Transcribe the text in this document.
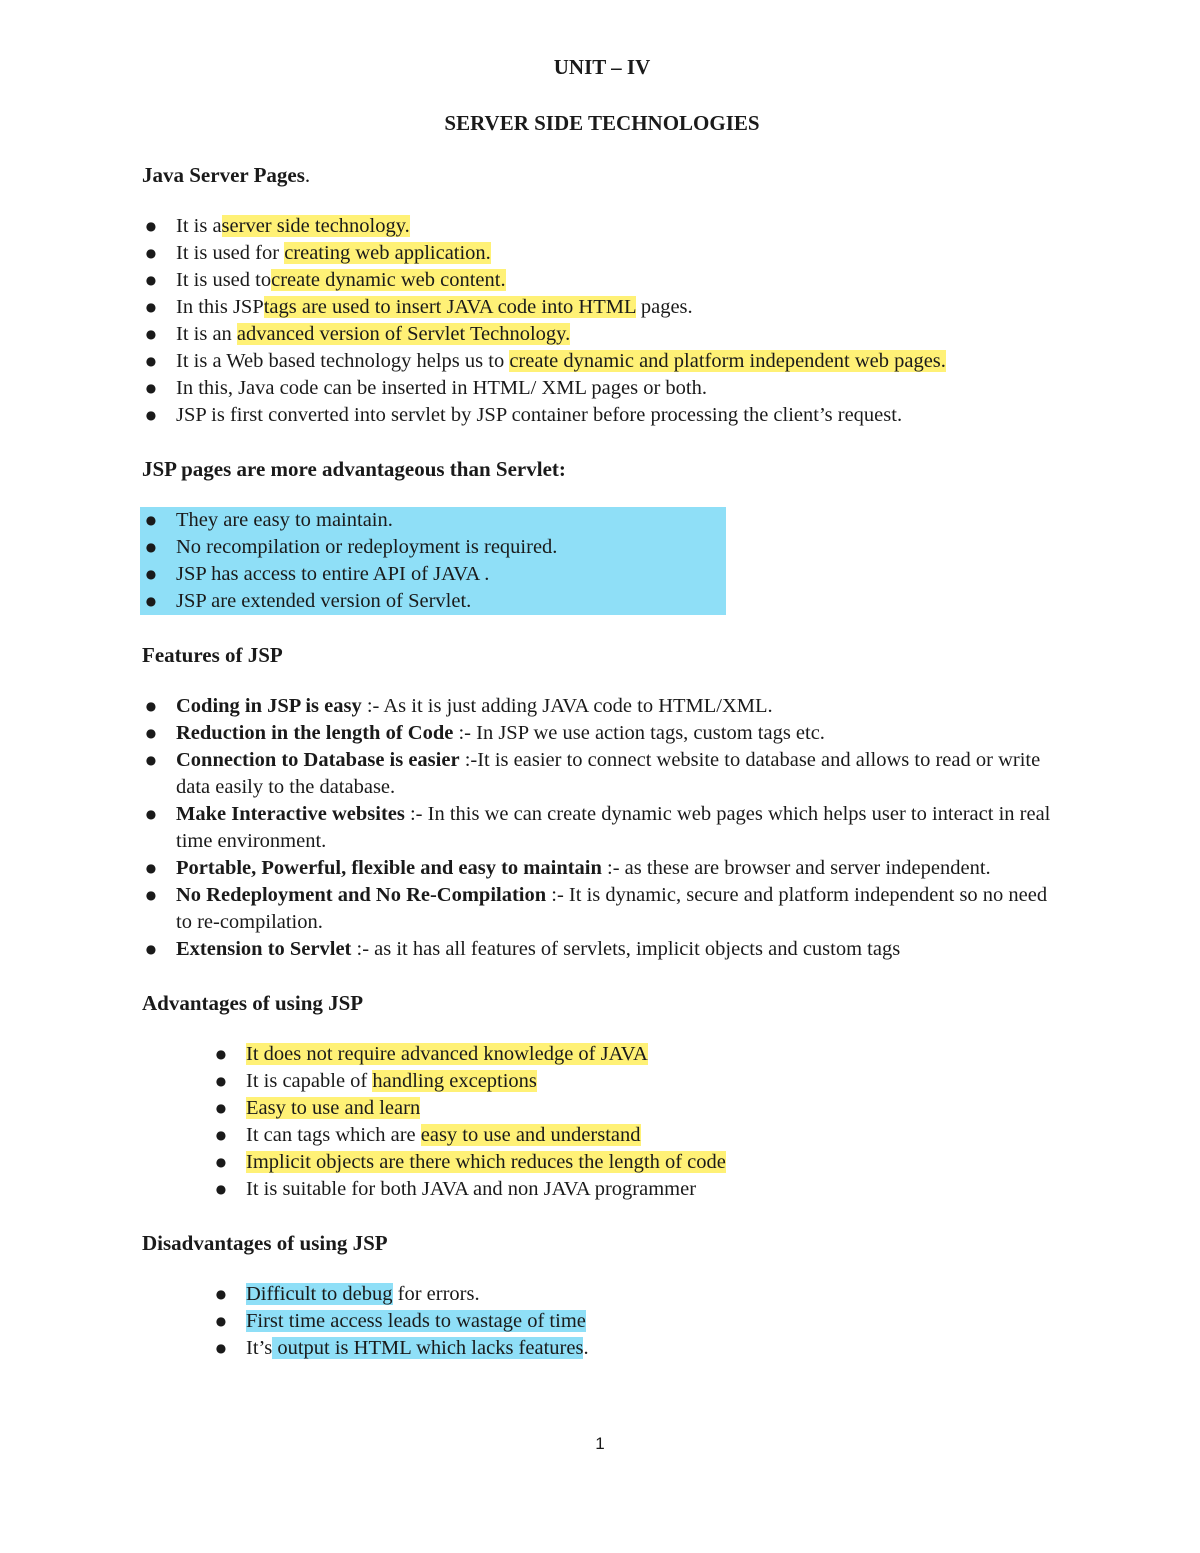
UNIT – IV
SERVER SIDE TECHNOLOGIES
Java Server Pages.
● It is aserver side technology.
● It is used for creating web application.
● It is used tocreate dynamic web content.
● In this JSPtags are used to insert JAVA code into HTML pages.
● It is an advanced version of Servlet Technology.
● It is a Web based technology helps us to create dynamic and platform independent web pages.
● In this, Java code can be inserted in HTML/ XML pages or both.
● JSP is first converted into servlet by JSP container before processing the client’s request.
JSP pages are more advantageous than Servlet:
● They are easy to maintain.
● No recompilation or redeployment is required.
● JSP has access to entire API of JAVA .
● JSP are extended version of Servlet.
Features of JSP
● Coding in JSP is easy :- As it is just adding JAVA code to HTML/XML.
● Reduction in the length of Code :- In JSP we use action tags, custom tags etc.
● Connection to Database is easier :-It is easier to connect website to database and allows to read or write data easily to the database.
● Make Interactive websites :- In this we can create dynamic web pages which helps user to interact in real time environment.
● Portable, Powerful, flexible and easy to maintain :- as these are browser and server independent.
● No Redeployment and No Re-Compilation :- It is dynamic, secure and platform independent so no need to re-compilation.
● Extension to Servlet :- as it has all features of servlets, implicit objects and custom tags
Advantages of using JSP
● It does not require advanced knowledge of JAVA
● It is capable of handling exceptions
● Easy to use and learn
● It can tags which are easy to use and understand
● Implicit objects are there which reduces the length of code
● It is suitable for both JAVA and non JAVA programmer
Disadvantages of using JSP
● Difficult to debug for errors.
● First time access leads to wastage of time
● It’s output is HTML which lacks features.
1
